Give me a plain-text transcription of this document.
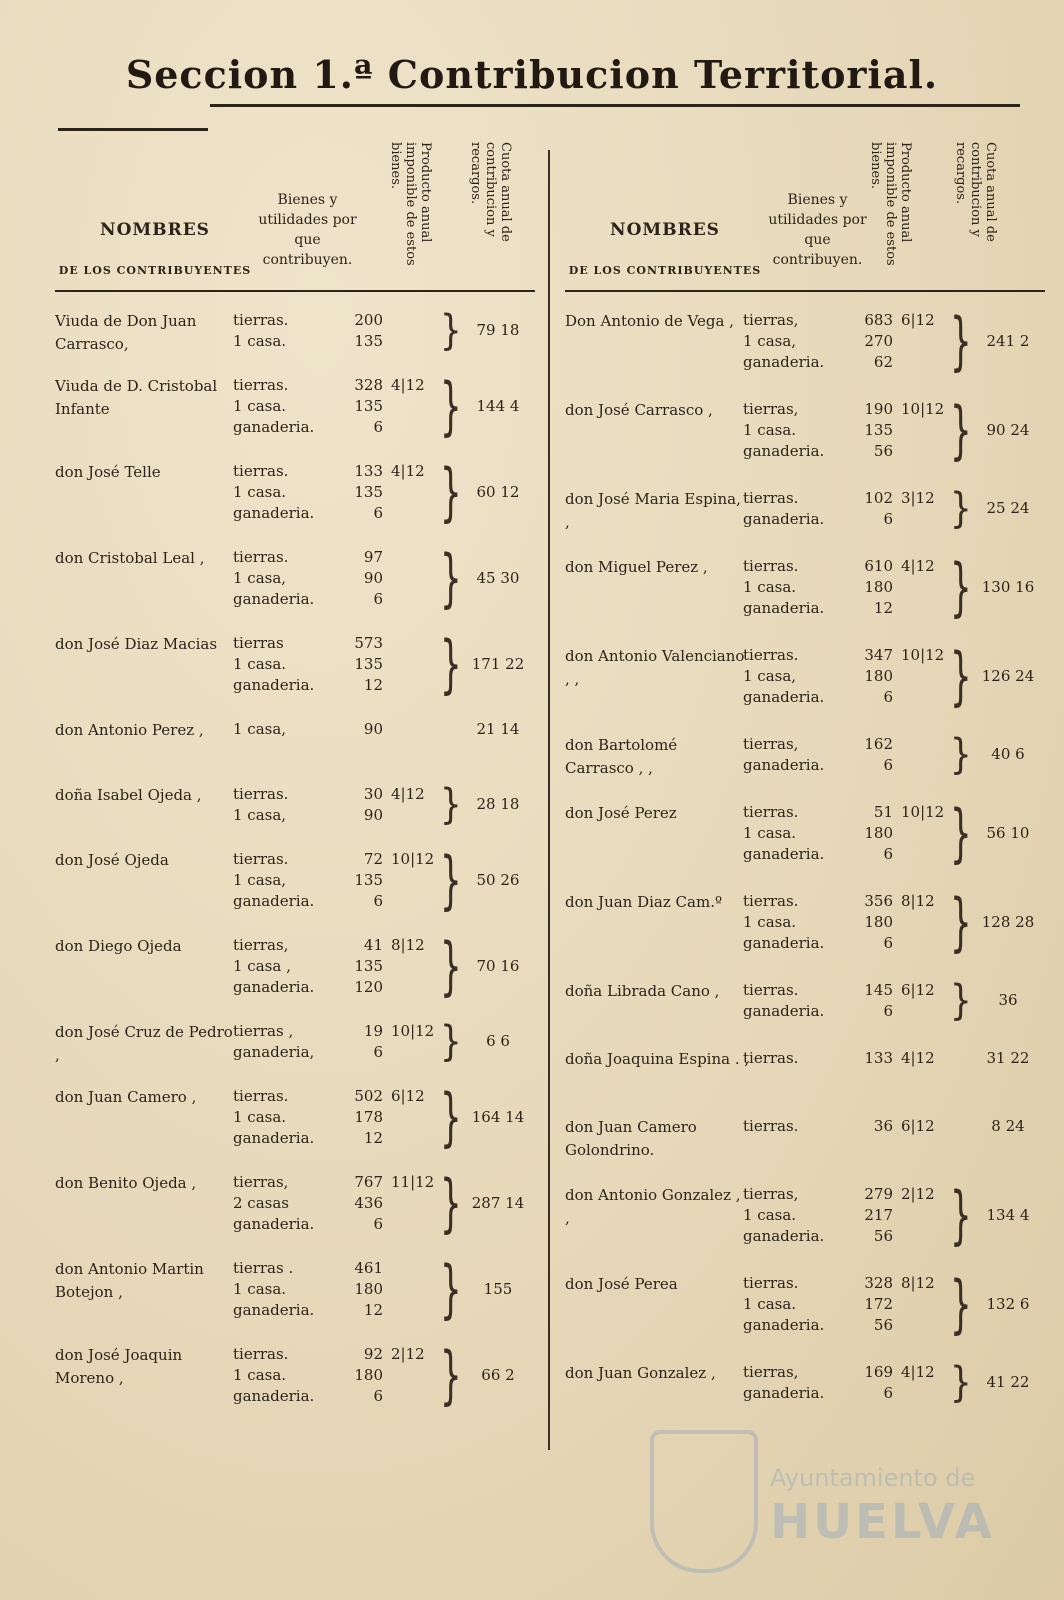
Seccion 1.ª Contribucion Territorial.
NOMBRES
DE LOS CONTRIBUYENTES
Bienes y utilidades por que contribuyen.
Producto anual imponible de estos bienes.	Cuota anual de contribucion y recargos.
Viuda de Don Juan Carrasco,
tierras.	200
1 casa.	135 } 79 18
Viuda de D. Cristobal Infante
tierras.	328 4|12
1 casa.	135
ganaderia.	6 } 144 4
don José Telle	tierras.	133 4|12
1 casa.	135
ganaderia.	6 } 60 12
don Cristobal Leal ,	tierras.	97
1 casa,	90
ganaderia.	6 } 45 30
don José Diaz Macias	tierras	573
1 casa.	135
ganaderia.	12 } 171 22
don Antonio Perez ,	1 casa,	90	21 14
doña Isabel Ojeda ,	tierras.	30 4|12
1 casa,	90 } 28 18
don José Ojeda	tierras.	72 10|12
1 casa,	135
ganaderia.	6 } 50 26
don Diego Ojeda	tierras,	41 8|12
1 casa ,	135
ganaderia.	120 } 70 16
don José Cruz de Pedro ,
tierras ,	19 10|12
ganaderia,	6 }	6 6
don Juan Camero ,	tierras.	502 6|12
1 casa.	178
ganaderia.	12 } 164 14
don Benito Ojeda ,	tierras,	767 11|12
2 casas	436
ganaderia.	6 } 287 14
don Antonio Martin Botejon ,
tierras .	461
1 casa.	180
ganaderia.	12 }	155
don José Joaquin Moreno ,
tierras.	92 2|12
1 casa.	180
ganaderia.	6 }	66 2
NOMBRES
DE LOS CONTRIBUYENTES
Bienes y utilidades por que contribuyen.
Producto anual imponible de estos bienes.	Cuota anual de contribucion y recargos.
Don Antonio de Vega , tierras,	683 6|12
1 casa,	270
ganaderia.	62 } 241 2
don José Carrasco ,	tierras,	190 10|12
1 casa.	135
ganaderia.	56 } 90 24
don José Maria Espina, ,
tierras.	102 3|12
ganaderia.	6 } 25 24
don Miguel Perez ,	tierras.	610 4|12
1 casa.	180
ganaderia.	12 } 130 16
don Antonio Valenciano , ,
tierras.	347 10|12
1 casa,	180
ganaderia.	6 } 126 24
don Bartolomé Carrasco , ,
tierras,	162
ganaderia.	6 }	40 6
don José Perez	tierras.	51 10|12
1 casa.	180
ganaderia.	6 } 56 10
don Juan Diaz Cam.º	tierras.	356 8|12
1 casa.	180
ganaderia.	6 } 128 28
doña Librada Cano ,	tierras.	145 6|12
ganaderia.	6 }	36
doña Joaquina Espina . ,
tierras.	133 4|12	31 22
don Juan Camero Golondrino.
tierras.	36 6|12	8 24
don Antonio Gonzalez , ,
tierras,	279 2|12
1 casa.	217
ganaderia.	56 } 134 4
don José Perea	tierras.	328 8|12
1 casa.	172
ganaderia.	56 } 132 6
don Juan Gonzalez ,	tierras,	169 4|12
ganaderia.	6 } 41 22
Ayuntamiento de
HUELVA
